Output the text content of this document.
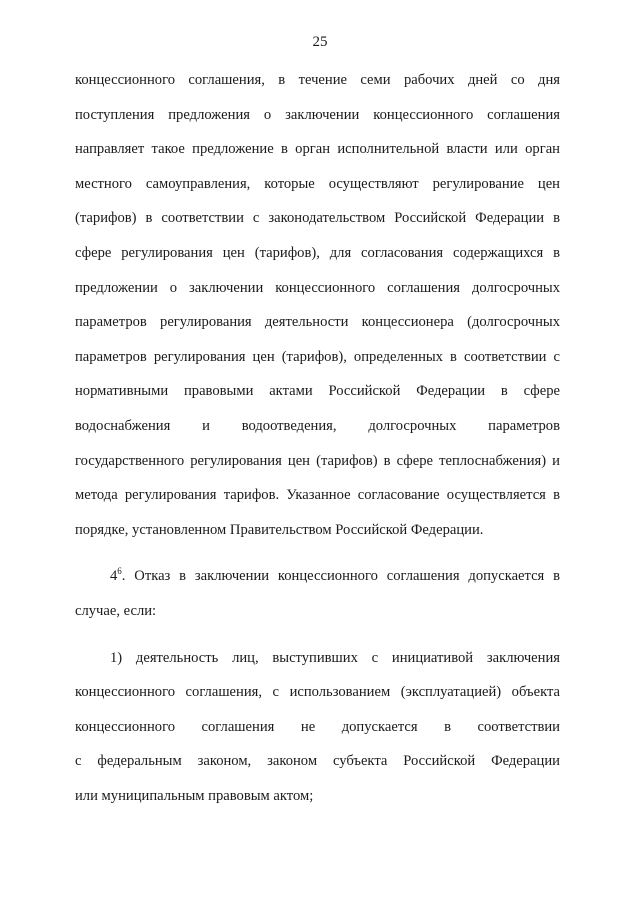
25
концессионного соглашения, в течение семи рабочих дней со дня
поступления предложения о заключении концессионного соглашения
направляет такое предложение в орган исполнительной власти или орган
местного самоуправления, которые осуществляют регулирование цен
(тарифов) в соответствии с законодательством Российской Федерации в
сфере регулирования цен (тарифов), для согласования содержащихся в
предложении о заключении концессионного соглашения долгосрочных
параметров регулирования деятельности концессионера (долгосрочных
параметров регулирования цен (тарифов), определенных в соответствии с
нормативными правовыми актами Российской Федерации в сфере
водоснабжения и водоотведения, долгосрочных параметров
государственного регулирования цен (тарифов) в сфере теплоснабжения) и
метода регулирования тарифов. Указанное согласование осуществляется в
порядке, установленном Правительством Российской Федерации.
$4^6$. Отказ в заключении концессионного соглашения допускается в
случае, если:
1) деятельность лиц, выступивших с инициативой заключения
концессионного соглашения, с использованием (эксплуатацией) объекта
концессионного соглашения не допускается в соответствии
с федеральным законом, законом субъекта Российской Федерации
или муниципальным правовым актом;
